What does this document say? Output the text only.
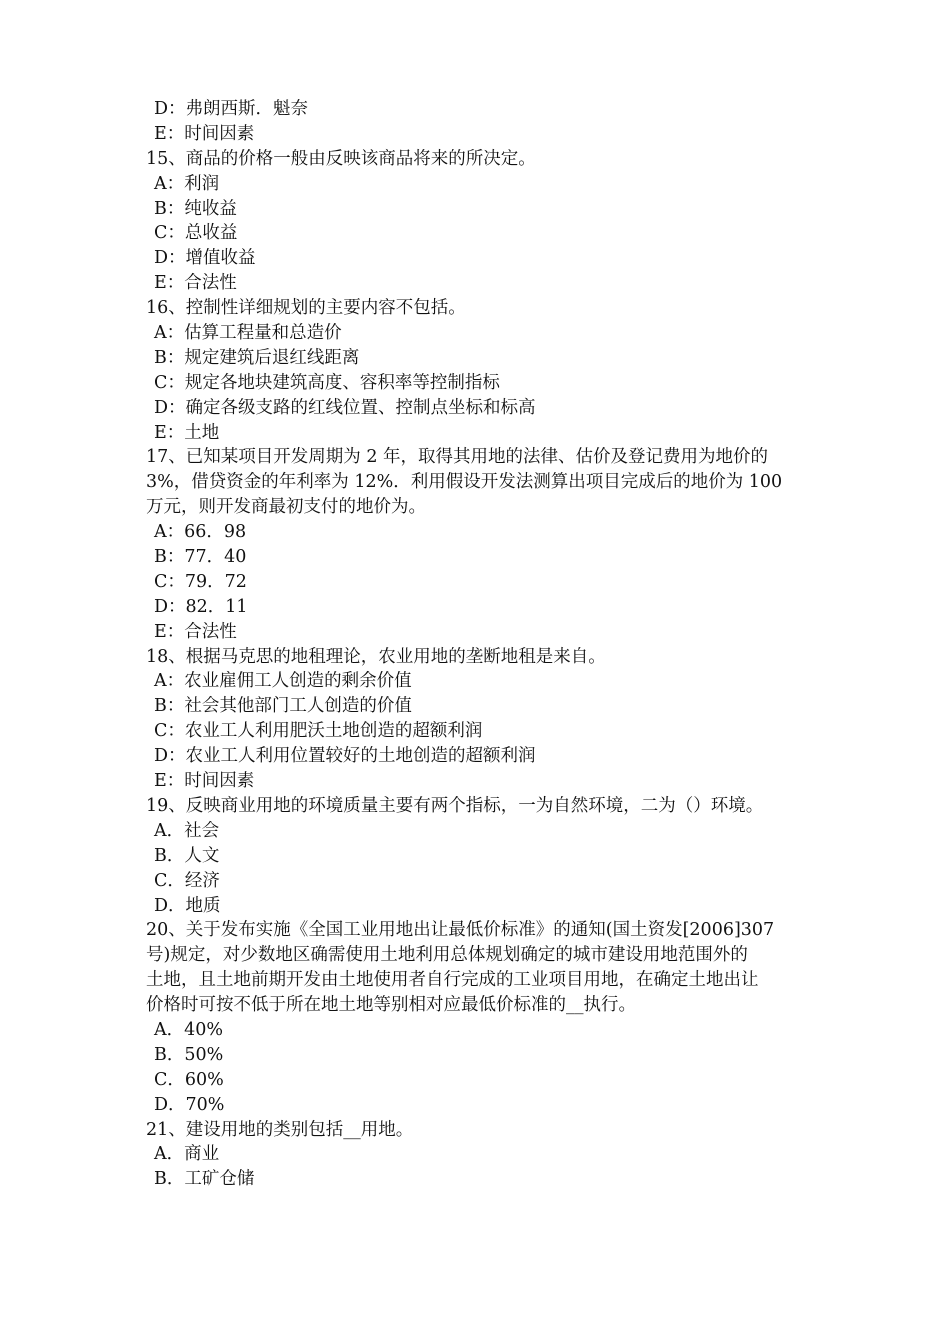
D：弗朗西斯．魁奈
E：时间因素
15、商品的价格一般由反映该商品将来的所决定。
A：利润
B：纯收益
C：总收益
D：增值收益
E：合法性
16、控制性详细规划的主要内容不包括。
A：估算工程量和总造价
B：规定建筑后退红线距离
C：规定各地块建筑高度、容积率等控制指标
D：确定各级支路的红线位置、控制点坐标和标高
E：土地
17、已知某项目开发周期为 2 年，取得其用地的法律、估价及登记费用为地价的
3%，借贷资金的年利率为 12%．利用假设开发法测算出项目完成后的地价为 100
万元，则开发商最初支付的地价为。
A：66．98
B：77．40
C：79．72
D：82．11
E：合法性
18、根据马克思的地租理论，农业用地的垄断地租是来自。
A：农业雇佣工人创造的剩余价值
B：社会其他部门工人创造的价值
C：农业工人利用肥沃土地创造的超额利润
D：农业工人利用位置较好的土地创造的超额利润
E：时间因素
19、反映商业用地的环境质量主要有两个指标，一为自然环境，二为（）环境。
A．社会
B．人文
C．经济
D．地质
20、关于发布实施《全国工业用地出让最低价标准》的通知(国土资发[2006]307
号)规定，对少数地区确需使用土地利用总体规划确定的城市建设用地范围外的
土地，且土地前期开发由土地使用者自行完成的工业项目用地，在确定土地出让
价格时可按不低于所在地土地等别相对应最低价标准的__执行。
A．40%
B．50%
C．60%
D．70%
21、建设用地的类别包括__用地。
A．商业
B．工矿仓储
